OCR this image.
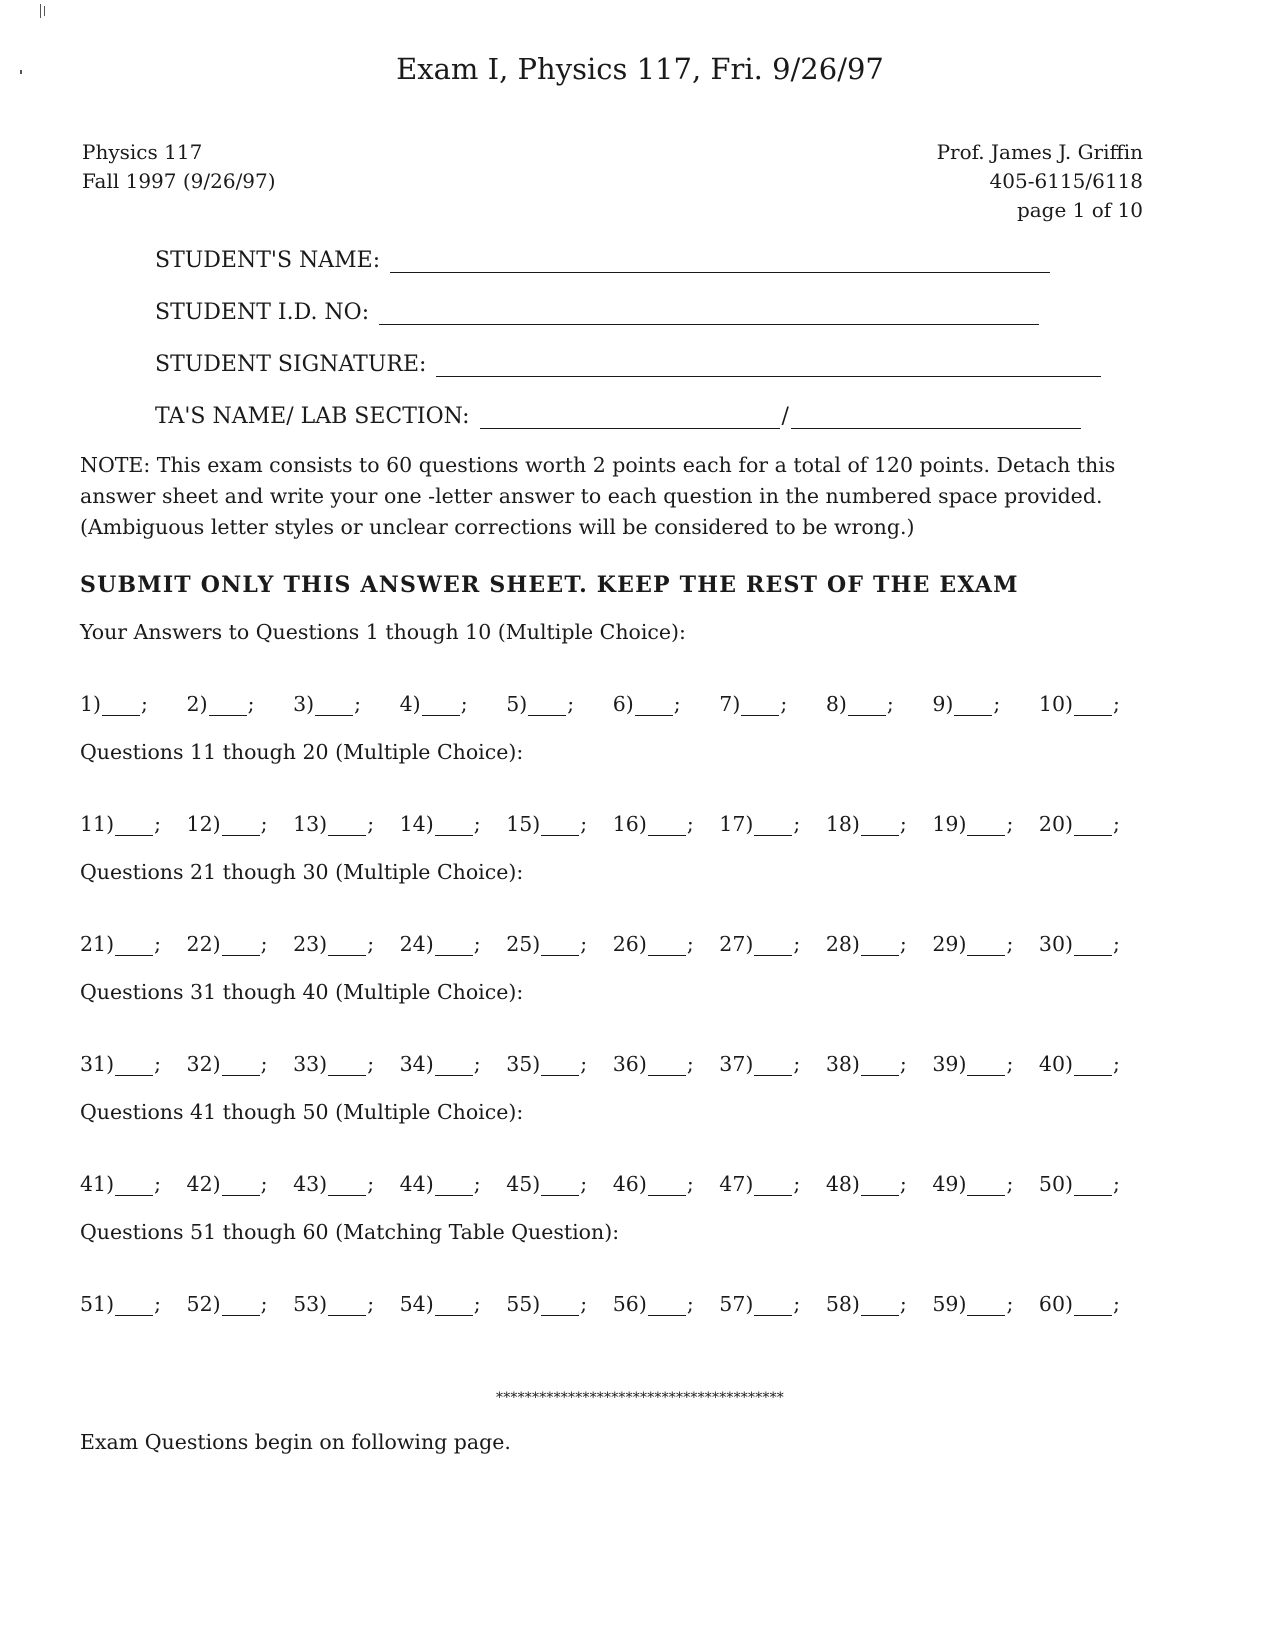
Exam I, Physics 117, Fri. 9/26/97
Physics 117
Fall 1997 (9/26/97)
Prof. James J. Griffin
405-6115/6118
page 1 of 10
STUDENT'S NAME:
STUDENT I.D. NO:
STUDENT SIGNATURE:
TA'S NAME/ LAB SECTION:	/
NOTE: This exam consists to 60 questions worth 2 points each for a total of 120 points. Detach this answer sheet and write your one -letter answer to each question in the numbered space provided. (Ambiguous letter styles or unclear corrections will be considered to be wrong.)
SUBMIT ONLY THIS ANSWER SHEET. KEEP THE REST OF THE EXAM
Your Answers to Questions 1 though 10 (Multiple Choice):
1) ; 2) ; 3) ; 4) ; 5) ; 6) ; 7) ; 8) ; 9) ; 10) ;
Questions 11 though 20 (Multiple Choice):
11) ; 12) ; 13) ; 14) ; 15) ; 16) ; 17) ; 18) ; 19) ; 20) ;
Questions 21 though 30 (Multiple Choice):
21) ; 22) ; 23) ; 24) ; 25) ; 26) ; 27) ; 28) ; 29) ; 30) ;
Questions 31 though 40 (Multiple Choice):
31) ; 32) ; 33) ; 34) ; 35) ; 36) ; 37) ; 38) ; 39) ; 40) ;
Questions 41 though 50 (Multiple Choice):
41) ; 42) ; 43) ; 44) ; 45) ; 46) ; 47) ; 48) ; 49) ; 50) ;
Questions 51 though 60 (Matching Table Question):
51) ; 52) ; 53) ; 54) ; 55) ; 56) ; 57) ; 58) ; 59) ; 60) ;
****************************************
Exam Questions begin on following page.
